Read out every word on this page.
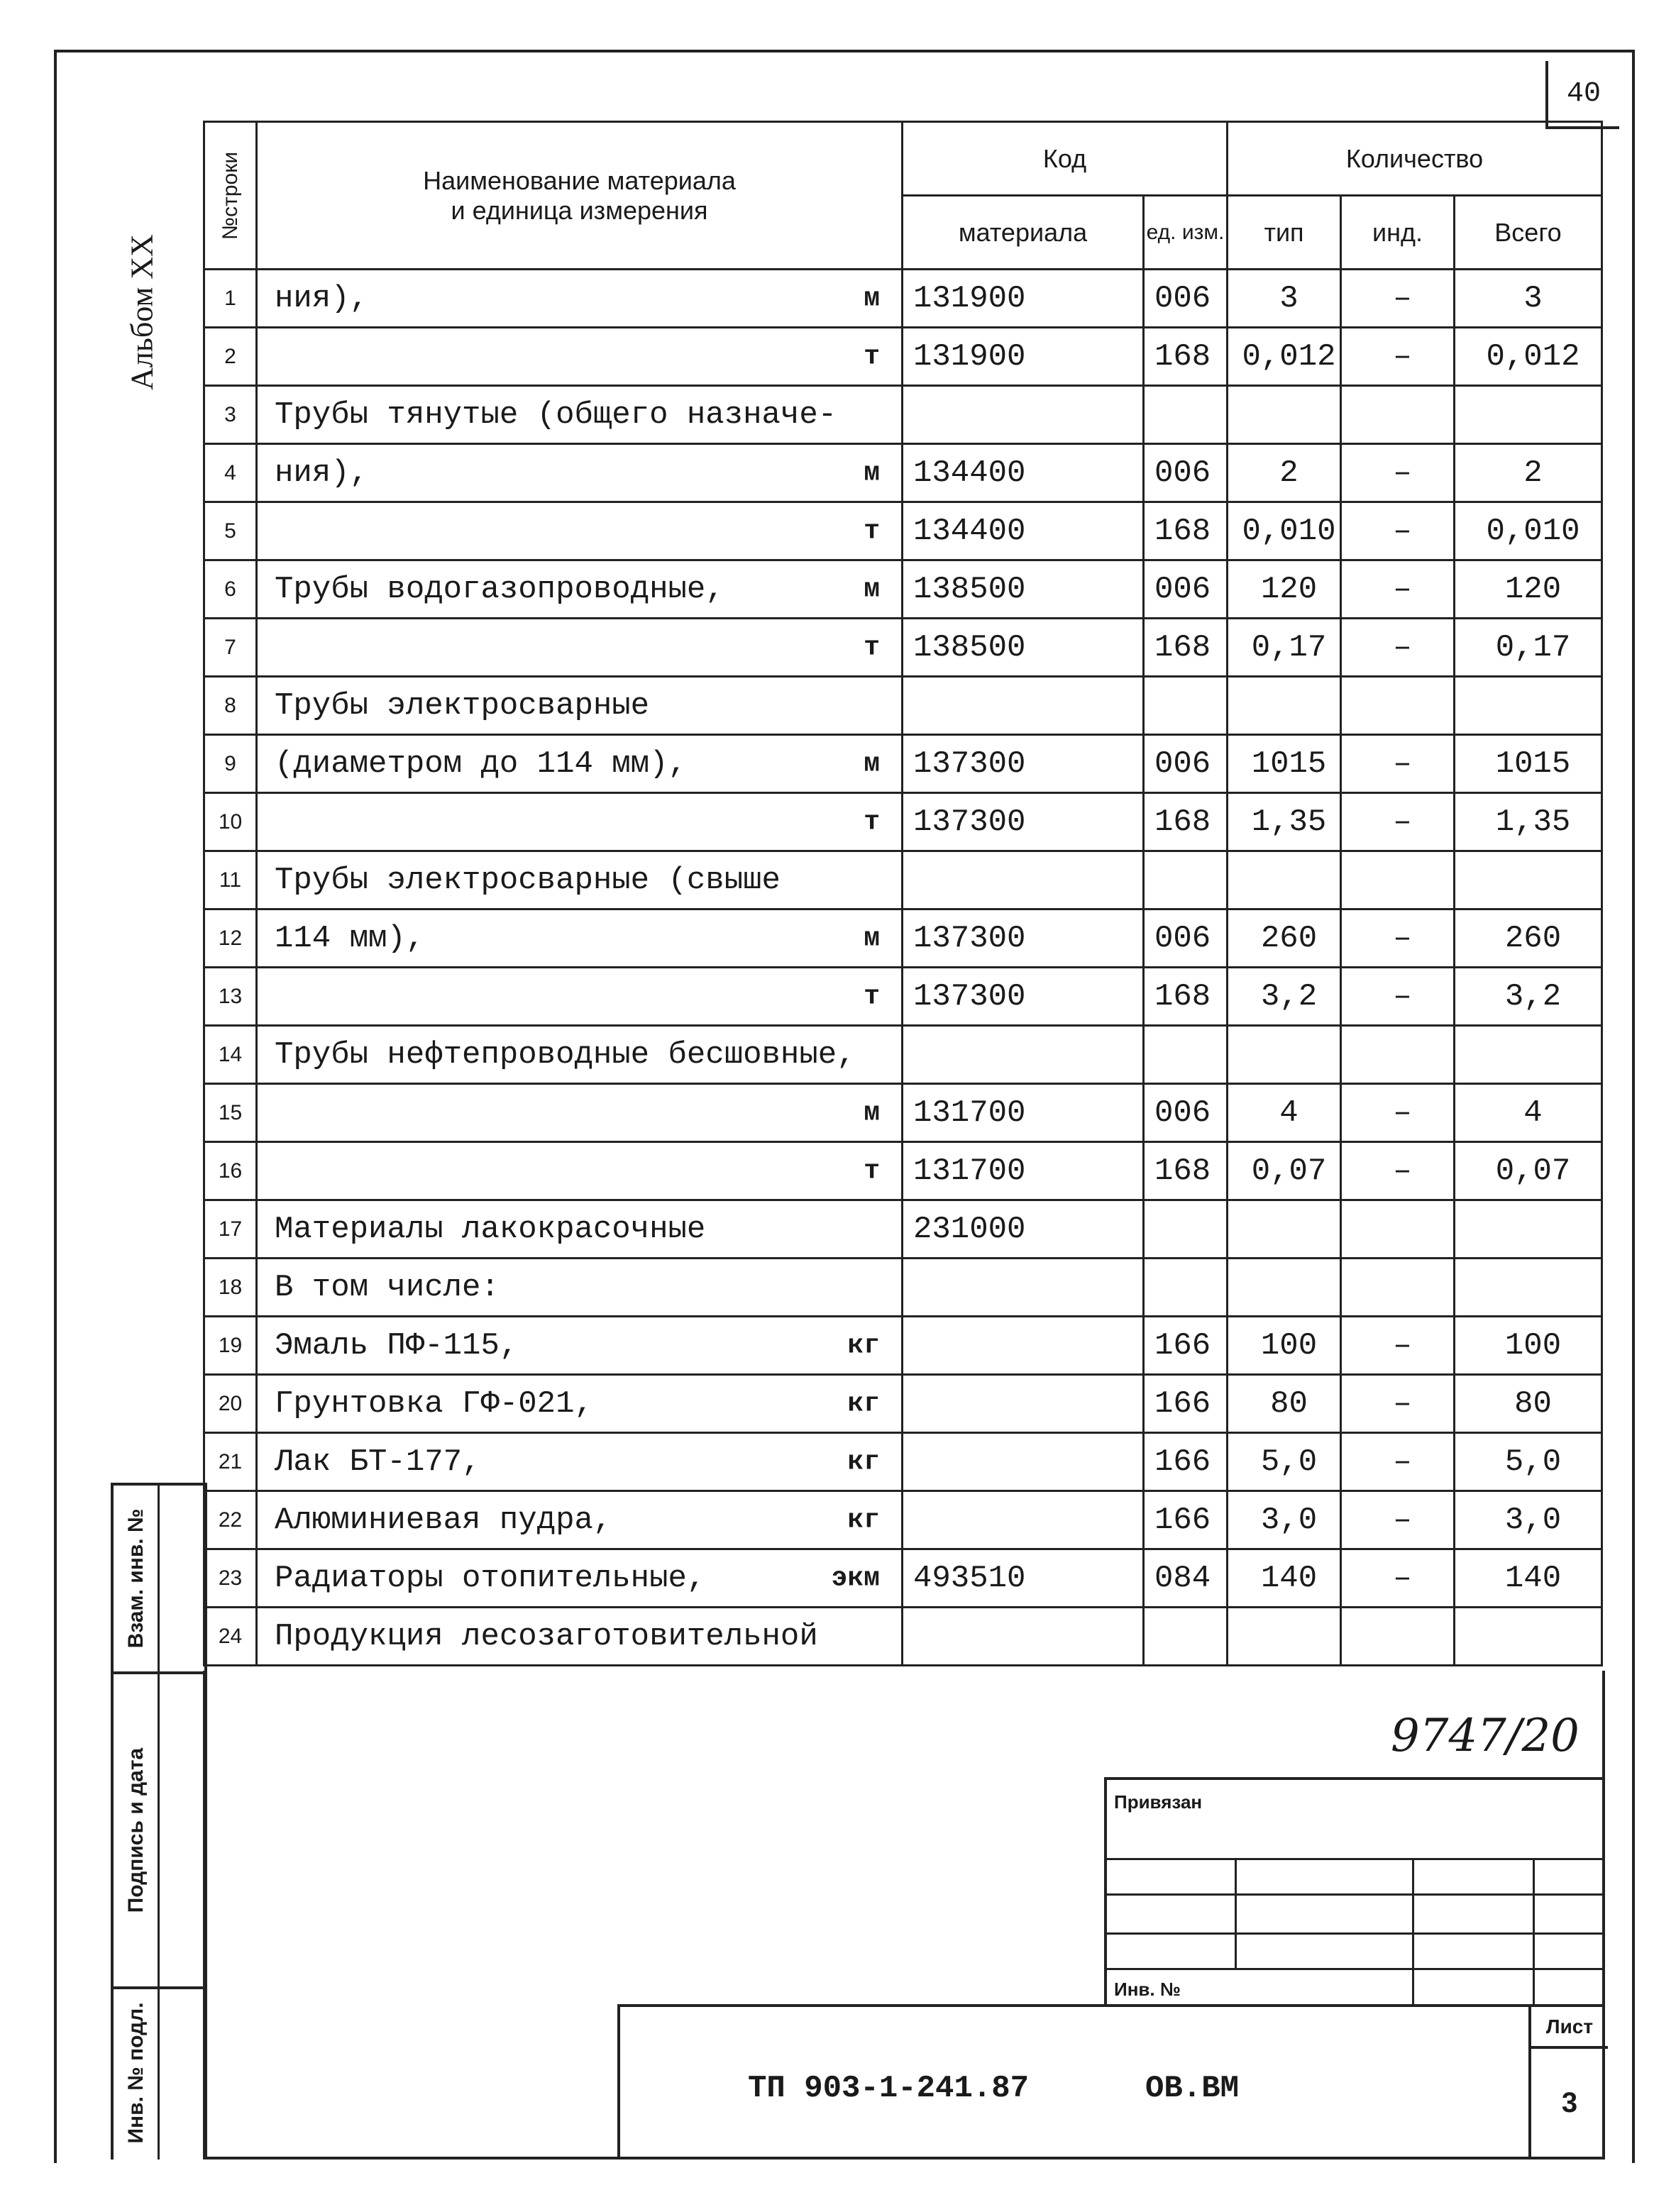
40
Альбом XX
№строки	Наименование материала
и единица измерения	Код		Количество		
		материала	ед. изм.	тип	инд.	Всего
1	ния), м	131900	006	3	–	3
2	т	131900	168	0,012	–	0,012
3	Трубы тянутые (общего назначе-

4	ния), м	134400	006	2	–	2
5	т	134400	168	0,010	–	0,010
6	Трубы водогазопроводные, м	138500	006	120	–	120
7	т	138500	168	0,17	–	0,17
8	Трубы электросварные

9	(диаметром до 114 мм), м	137300	006	1015	–	1015
10	т	137300	168	1,35	–	1,35
11	Трубы электросварные (свыше

12	114 мм), м	137300	006	260	–	260
13	т	137300	168	3,2	–	3,2
14	Трубы нефтепроводные бесшовные,

15	м	131700	006	4	–	4
16	т	131700	168	0,07	–	0,07
17	Материалы лакокрасочные	231000				
18	В том числе:

19	Эмаль ПФ-115, кг		166	100	–	100
20	Грунтовка ГФ-021, кг		166	80	–	80
21	Лак БТ-177, кг		166	5,0	–	5,0
22	Алюминиевая пудра, кг		166	3,0	–	3,0
23	Радиаторы отопительные, экм	493510	084	140	–	140
24	Продукция лесозаготовительной

Взам. инв. №
Подпись и дата
Инв. № подл.
9747/20
Привязан
Инв. №
ТП 903-1-241.87	ОВ.ВМ
Лист
3
